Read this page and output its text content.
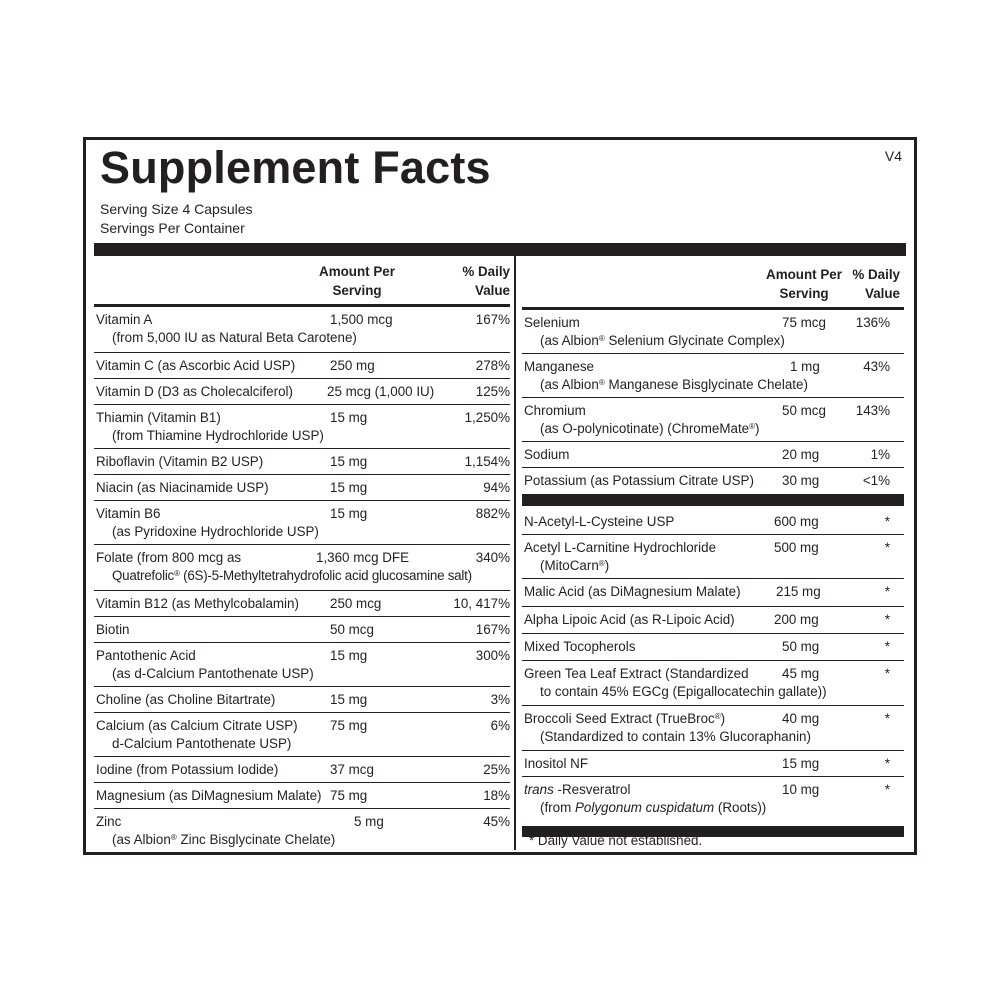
Supplement Facts	V4
Serving Size 4 Capsules
Servings Per Container
Amount Per
Serving
% Daily
Value
Vitamin A
(from 5,000 IU as Natural Beta Carotene)
1,500 mcg	167%
Vitamin C (as Ascorbic Acid USP)	250 mg	278%
Vitamin D (D3 as Cholecalciferol)	25 mcg (1,000 IU)	125%
Thiamin (Vitamin B1)
(from Thiamine Hydrochloride USP)
15 mg	1,250%
Riboflavin (Vitamin B2 USP)	15 mg	1,154%
Niacin (as Niacinamide USP)	15 mg	94%
Vitamin B6
(as Pyridoxine Hydrochloride USP)
15 mg	882%
Folate (from 800 mcg as
Quatrefolic® (6S)-5-Methyltetrahydrofolic acid glucosamine salt)
1,360 mcg DFE	340%
Vitamin B12 (as Methylcobalamin) 250 mcg	10, 417%
Biotin	50 mcg	167%
Pantothenic Acid
(as d-Calcium Pantothenate USP)
15 mg	300%
Choline (as Choline Bitartrate)	15 mg	3%
Calcium (as Calcium Citrate USP)
d-Calcium Pantothenate USP)
75 mg	6%
Iodine (from Potassium Iodide)	37 mcg	25%
Magnesium (as DiMagnesium Malate) 75 mg	18%
Zinc
(as Albion® Zinc Bisglycinate Chelate)
5 mg	45%
Amount Per
Serving
% Daily
Value
Selenium
(as Albion® Selenium Glycinate Complex)
75 mcg 136%
Manganese
(as Albion® Manganese Bisglycinate Chelate)
1 mg	43%
Chromium
(as O-polynicotinate) (ChromeMate®)
50 mcg 143%
Sodium	20 mg	1%
Potassium (as Potassium Citrate USP) 30 mg	<1%
N-Acetyl-L-Cysteine USP	600 mg	*
Acetyl L-Carnitine Hydrochloride
(MitoCarn®)
500 mg	*
Malic Acid (as DiMagnesium Malate)	215 mg	*
Alpha Lipoic Acid (as R-Lipoic Acid)	200 mg	*
Mixed Tocopherols	50 mg	*
Green Tea Leaf Extract (Standardized
to contain 45% EGCg (Epigallocatechin gallate))
45 mg	*
Broccoli Seed Extract (TrueBroc®)
(Standardized to contain 13% Glucoraphanin)
40 mg	*
Inositol NF	15 mg	*
trans -Resveratrol
(from Polygonum cuspidatum (Roots))
10 mg	*
* Daily Value not established.
